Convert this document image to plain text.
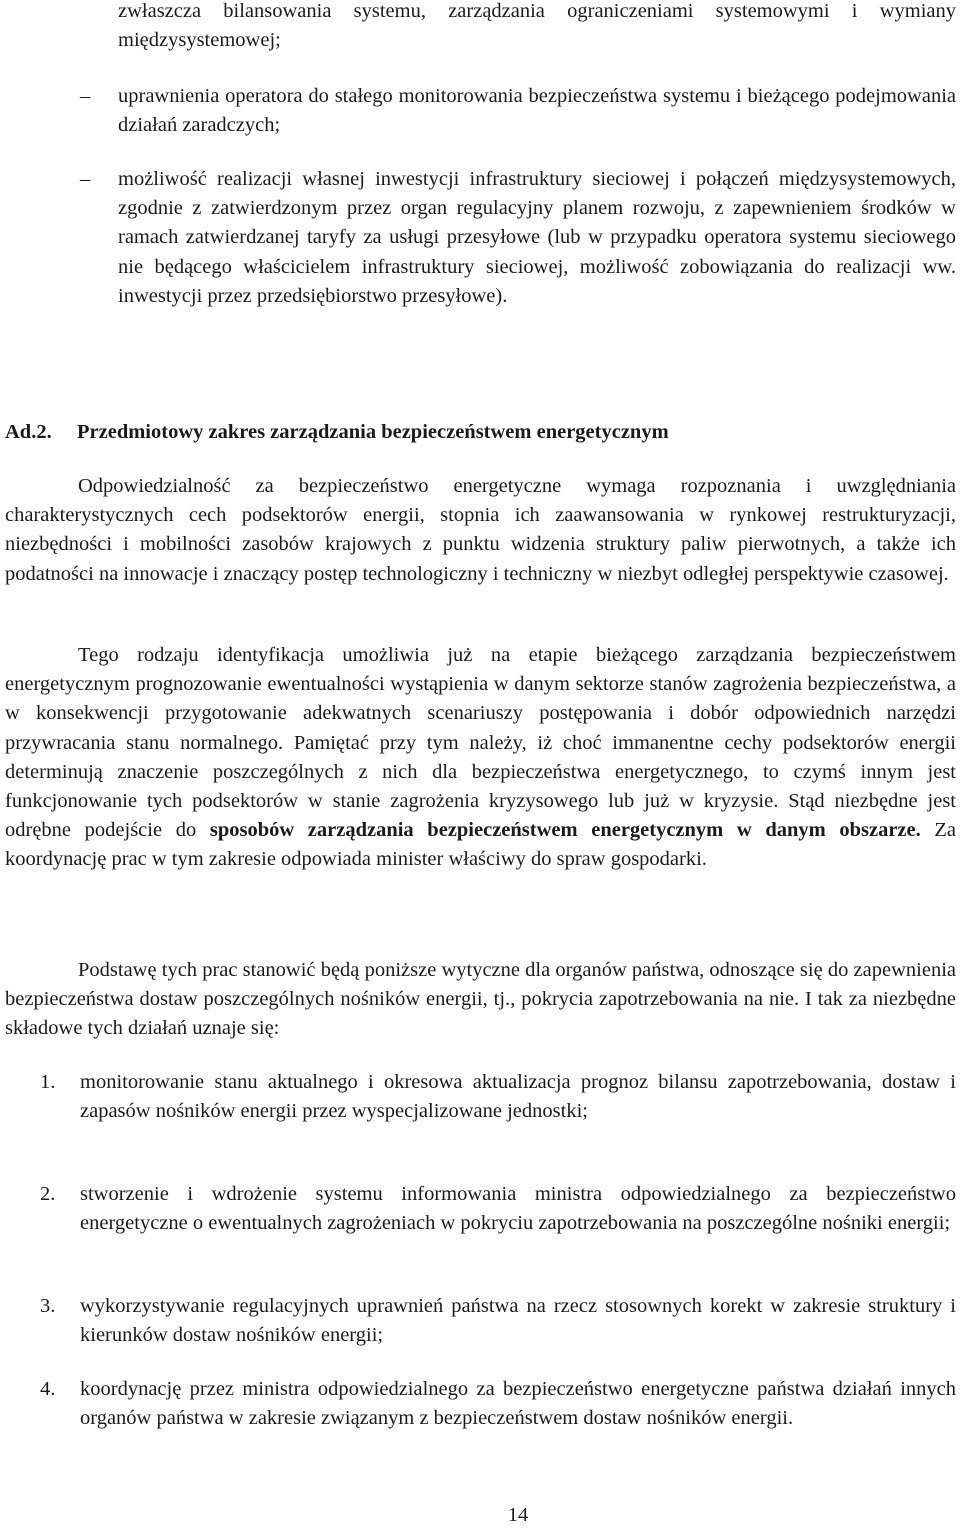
zwłaszcza bilansowania systemu, zarządzania ograniczeniami systemowymi i wymiany międzysystemowej;

– uprawnienia operatora do stałego monitorowania bezpieczeństwa systemu i bieżącego podejmowania działań zaradczych;

– możliwość realizacji własnej inwestycji infrastruktury sieciowej i połączeń międzysystemowych, zgodnie z zatwierdzonym przez organ regulacyjny planem rozwoju, z zapewnieniem środków w ramach zatwierdzanej taryfy za usługi przesyłowe (lub w przypadku operatora systemu sieciowego nie będącego właścicielem infrastruktury sieciowej, możliwość zobowiązania do realizacji ww. inwestycji przez przedsiębiorstwo przesyłowe).

Ad.2. Przedmiotowy zakres zarządzania bezpieczeństwem energetycznym

Odpowiedzialność za bezpieczeństwo energetyczne wymaga rozpoznania i uwzględniania charakterystycznych cech podsektorów energii, stopnia ich zaawansowania w rynkowej restrukturyzacji, niezbędności i mobilności zasobów krajowych z punktu widzenia struktury paliw pierwotnych, a także ich podatności na innowacje i znaczący postęp technologiczny i techniczny w niezbyt odległej perspektywie czasowej.

Tego rodzaju identyfikacja umożliwia już na etapie bieżącego zarządzania bezpieczeństwem energetycznym prognozowanie ewentualności wystąpienia w danym sektorze stanów zagrożenia bezpieczeństwa, a w konsekwencji przygotowanie adekwatnych scenariuszy postępowania i dobór odpowiednich narzędzi przywracania stanu normalnego. Pamiętać przy tym należy, iż choć immanentne cechy podsektorów energii determinują znaczenie poszczególnych z nich dla bezpieczeństwa energetycznego, to czymś innym jest funkcjonowanie tych podsektorów w stanie zagrożenia kryzysowego lub już w kryzysie. Stąd niezbędne jest odrębne podejście do sposobów zarządzania bezpieczeństwem energetycznym w danym obszarze. Za koordynację prac w tym zakresie odpowiada minister właściwy do spraw gospodarki.

Podstawę tych prac stanowić będą poniższe wytyczne dla organów państwa, odnoszące się do zapewnienia bezpieczeństwa dostaw poszczególnych nośników energii, tj., pokrycia zapotrzebowania na nie. I tak za niezbędne składowe tych działań uznaje się:

1. monitorowanie stanu aktualnego i okresowa aktualizacja prognoz bilansu zapotrzebowania, dostaw i zapasów nośników energii przez wyspecjalizowane jednostki;

2. stworzenie i wdrożenie systemu informowania ministra odpowiedzialnego za bezpieczeństwo energetyczne o ewentualnych zagrożeniach w pokryciu zapotrzebowania na poszczególne nośniki energii;

3. wykorzystywanie regulacyjnych uprawnień państwa na rzecz stosownych korekt w zakresie struktury i kierunków dostaw nośników energii;

4. koordynację przez ministra odpowiedzialnego za bezpieczeństwo energetyczne państwa działań innych organów państwa w zakresie związanym z bezpieczeństwem dostaw nośników energii.

14
